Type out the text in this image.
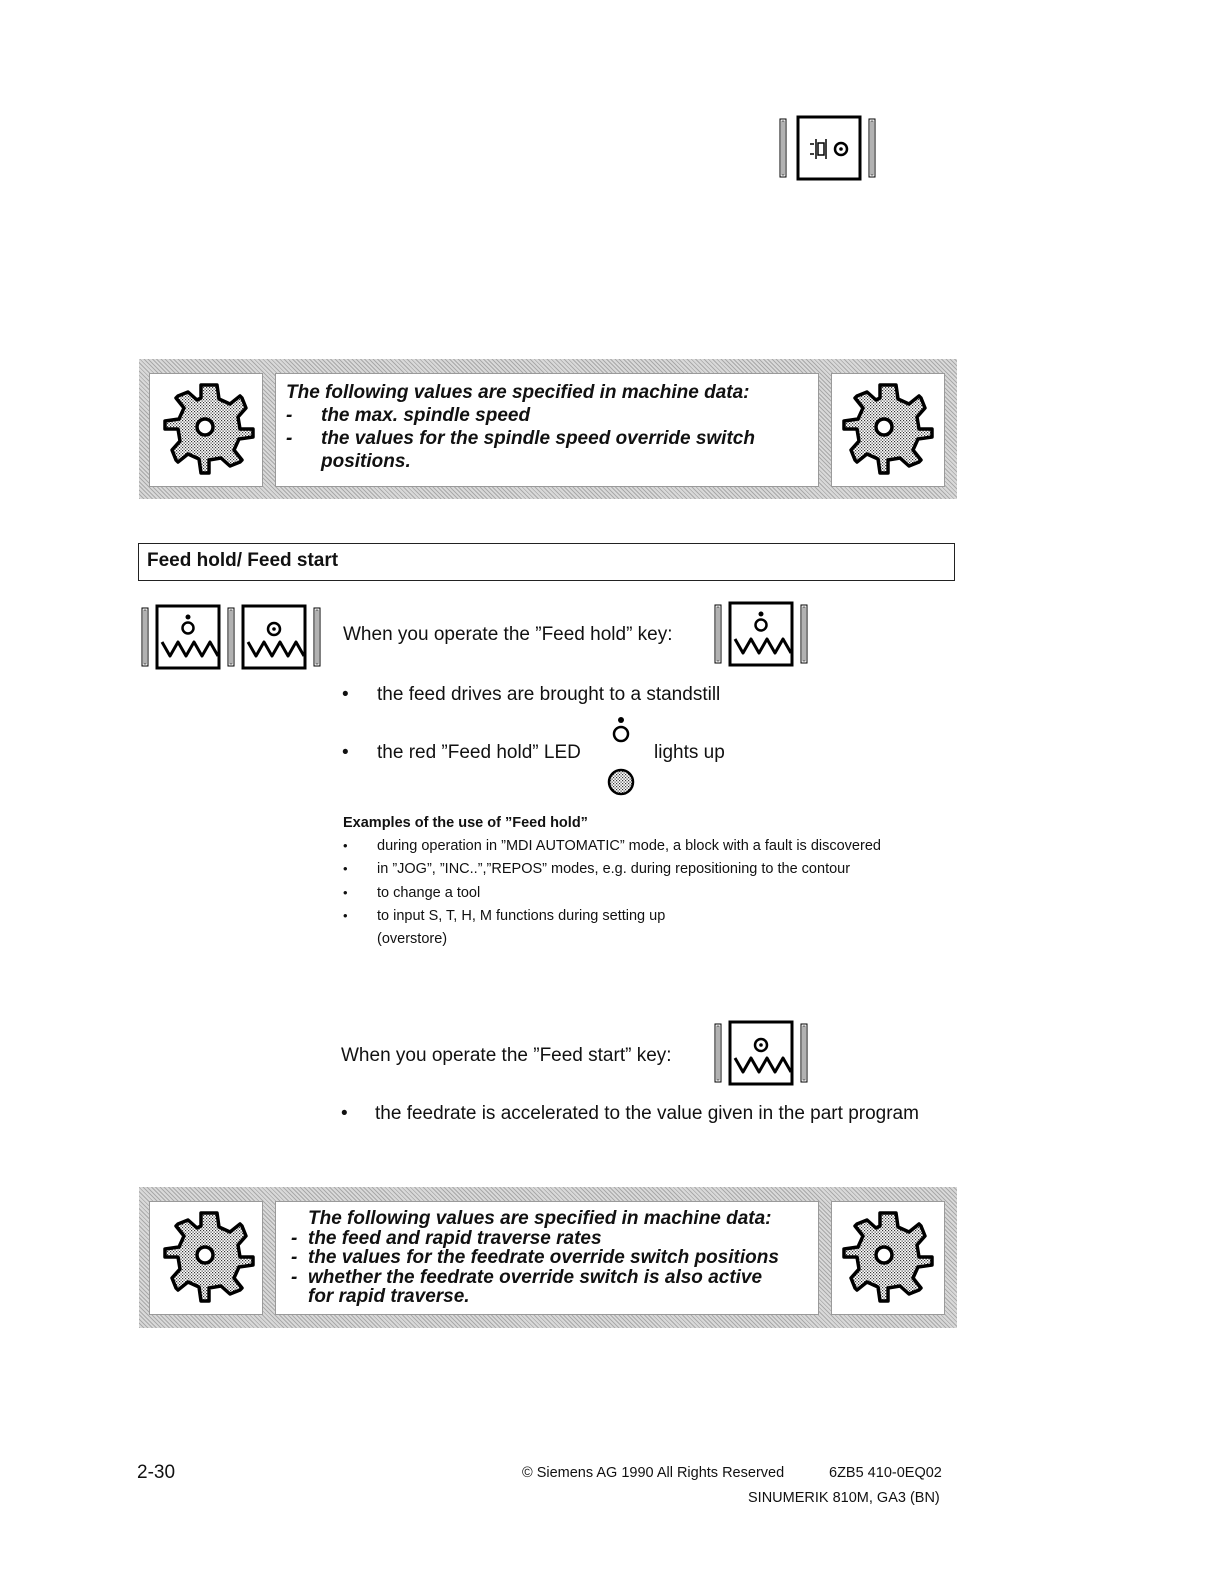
The following values are specified in machine data:
- the max. spindle speed
- the values for the spindle speed override switch
positions.
Feed hold/ Feed start
When you operate the ”Feed hold” key:
• the feed drives are brought to a standstill
• the red ”Feed hold” LED	lights up
Examples of the use of ”Feed hold”
• during operation in ”MDI AUTOMATIC” mode, a block with a fault is discovered
• in ”JOG”, ”INC..”,”REPOS” modes, e.g. during repositioning to the contour
• to change a tool
• to input S, T, H, M functions during setting up
(overstore)
When you operate the ”Feed start” key:
• the feedrate is accelerated to the value given in the part program
The following values are specified in machine data:
- the feed and rapid traverse rates
- the values for the feedrate override switch positions
- whether the feedrate override switch is also active
for rapid traverse.
2-30	© Siemens AG 1990 All Rights Reserved	6ZB5 410-0EQ02
SINUMERIK 810M, GA3 (BN)
